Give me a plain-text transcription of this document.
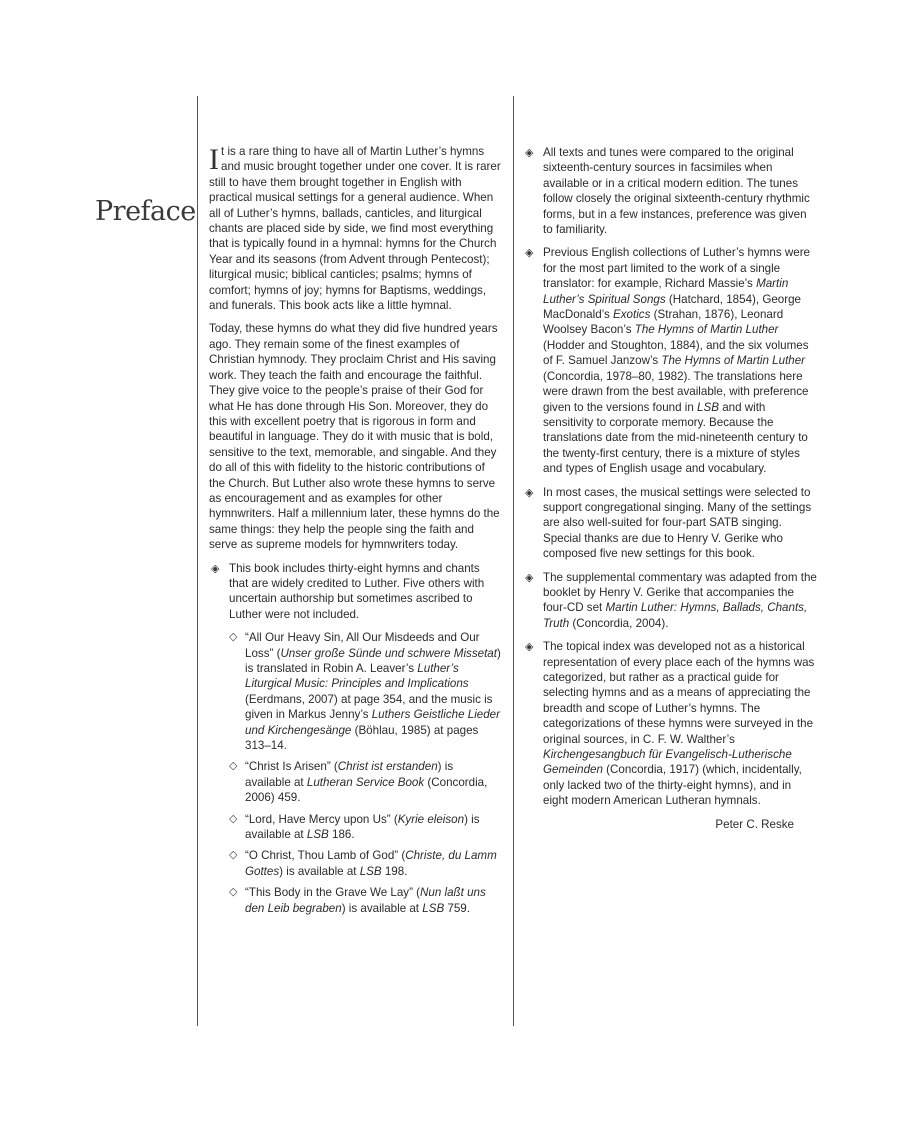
Preface

It is a rare thing to have all of Martin Luther’s hymns and music brought together under one cover. It is rarer still to have them brought together in English with practical musical settings for a general audience. When all of Luther’s hymns, ballads, canticles, and liturgical chants are placed side by side, we find most everything that is typically found in a hymnal: hymns for the Church Year and its seasons (from Advent through Pentecost); liturgical music; biblical canticles; psalms; hymns of comfort; hymns of joy; hymns for Baptisms, weddings, and funerals. This book acts like a little hymnal.

Today, these hymns do what they did five hundred years ago. They remain some of the finest examples of Christian hymnody. They proclaim Christ and His saving work. They teach the faith and encourage the faithful. They give voice to the people’s praise of their God for what He has done through His Son. Moreover, they do this with excellent poetry that is rigorous in form and beautiful in language. They do it with music that is bold, sensitive to the text, memorable, and singable. And they do all of this with fidelity to the historic contributions of the Church. But Luther also wrote these hymns to serve as encouragement and as examples for other hymnwriters. Half a millennium later, these hymns do the same things: they help the people sing the faith and serve as supreme models for hymnwriters today.

◈ This book includes thirty-eight hymns and chants that are widely credited to Luther. Five others with uncertain authorship but sometimes ascribed to Luther were not included.
◇ “All Our Heavy Sin, All Our Misdeeds and Our Loss” (Unser große Sünde und schwere Missetat) is translated in Robin A. Leaver’s Luther’s Liturgical Music: Principles and Implications (Eerdmans, 2007) at page 354, and the music is given in Markus Jenny’s Luthers Geistliche Lieder und Kirchengesänge (Böhlau, 1985) at pages 313–14.
◇ “Christ Is Arisen” (Christ ist erstanden) is available at Lutheran Service Book (Concordia, 2006) 459.
◇ “Lord, Have Mercy upon Us” (Kyrie eleison) is available at LSB 186.
◇ “O Christ, Thou Lamb of God” (Christe, du Lamm Gottes) is available at LSB 198.
◇ “This Body in the Grave We Lay” (Nun laßt uns den Leib begraben) is available at LSB 759.
◈ All texts and tunes were compared to the original sixteenth-century sources in facsimiles when available or in a critical modern edition. The tunes follow closely the original sixteenth-century rhythmic forms, but in a few instances, preference was given to familiarity.
◈ Previous English collections of Luther’s hymns were for the most part limited to the work of a single translator: for example, Richard Massie’s Martin Luther’s Spiritual Songs (Hatchard, 1854), George MacDonald’s Exotics (Strahan, 1876), Leonard Woolsey Bacon’s The Hymns of Martin Luther (Hodder and Stoughton, 1884), and the six volumes of F. Samuel Janzow’s The Hymns of Martin Luther (Concordia, 1978–80, 1982). The translations here were drawn from the best available, with preference given to the versions found in LSB and with sensitivity to corporate memory. Because the translations date from the mid-nineteenth century to the twenty-first century, there is a mixture of styles and types of English usage and vocabulary.
◈ In most cases, the musical settings were selected to support congregational singing. Many of the settings are also well-suited for four-part SATB singing. Special thanks are due to Henry V. Gerike who composed five new settings for this book.
◈ The supplemental commentary was adapted from the booklet by Henry V. Gerike that accompanies the four-CD set Martin Luther: Hymns, Ballads, Chants, Truth (Concordia, 2004).
◈ The topical index was developed not as a historical representation of every place each of the hymns was categorized, but rather as a practical guide for selecting hymns and as a means of appreciating the breadth and scope of Luther’s hymns. The categorizations of these hymns were surveyed in the original sources, in C. F. W. Walther’s Kirchengesangbuch für Evangelisch-Lutherische Gemeinden (Concordia, 1917) (which, incidentally, only lacked two of the thirty-eight hymns), and in eight modern American Lutheran hymnals.
Peter C. Reske
